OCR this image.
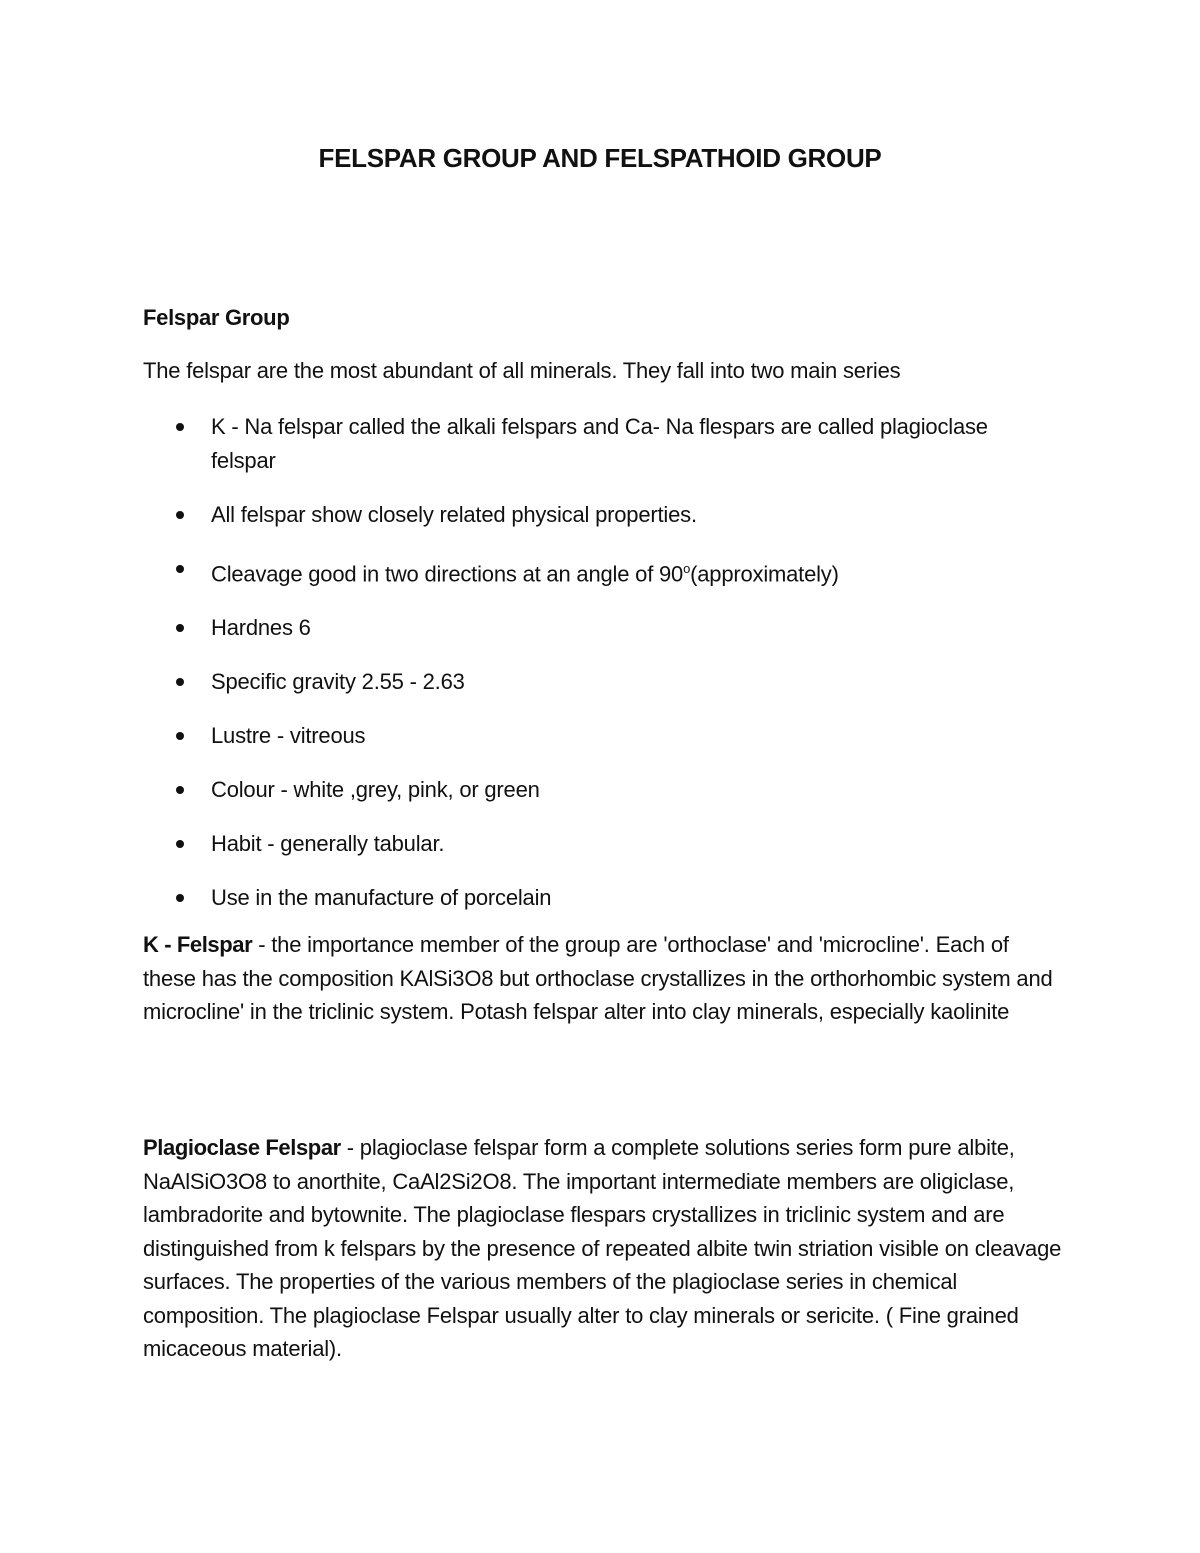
FELSPAR GROUP AND FELSPATHOID GROUP
Felspar Group

The felspar are the most abundant of all minerals. They fall into two main series

K - Na felspar called the alkali felspars and Ca- Na flespars are called plagioclase felspar
All felspar show closely related physical properties.
Cleavage good in two directions at an angle of 90$^o$(approximately)
Hardnes 6
Specific gravity 2.55 - 2.63
Lustre - vitreous
Colour - white ,grey, pink, or green
Habit - generally tabular.
Use in the manufacture of porcelain

K - Felspar - the importance member of the group are 'orthoclase' and 'microcline'. Each of these has the composition KAlSi3O8 but orthoclase crystallizes in the orthorhombic system and microcline' in the triclinic system. Potash felspar alter into clay minerals, especially kaolinite

Plagioclase Felspar - plagioclase felspar form a complete solutions series form pure albite, NaAlSiO3O8 to anorthite, CaAl2Si2O8. The important intermediate members are oligiclase, lambradorite and bytownite. The plagioclase flespars crystallizes in triclinic system and are distinguished from k felspars by the presence of repeated albite twin striation visible on cleavage surfaces. The properties of the various members of the plagioclase series in chemical composition. The plagioclase Felspar usually alter to clay minerals or sericite. ( Fine grained micaceous material).
